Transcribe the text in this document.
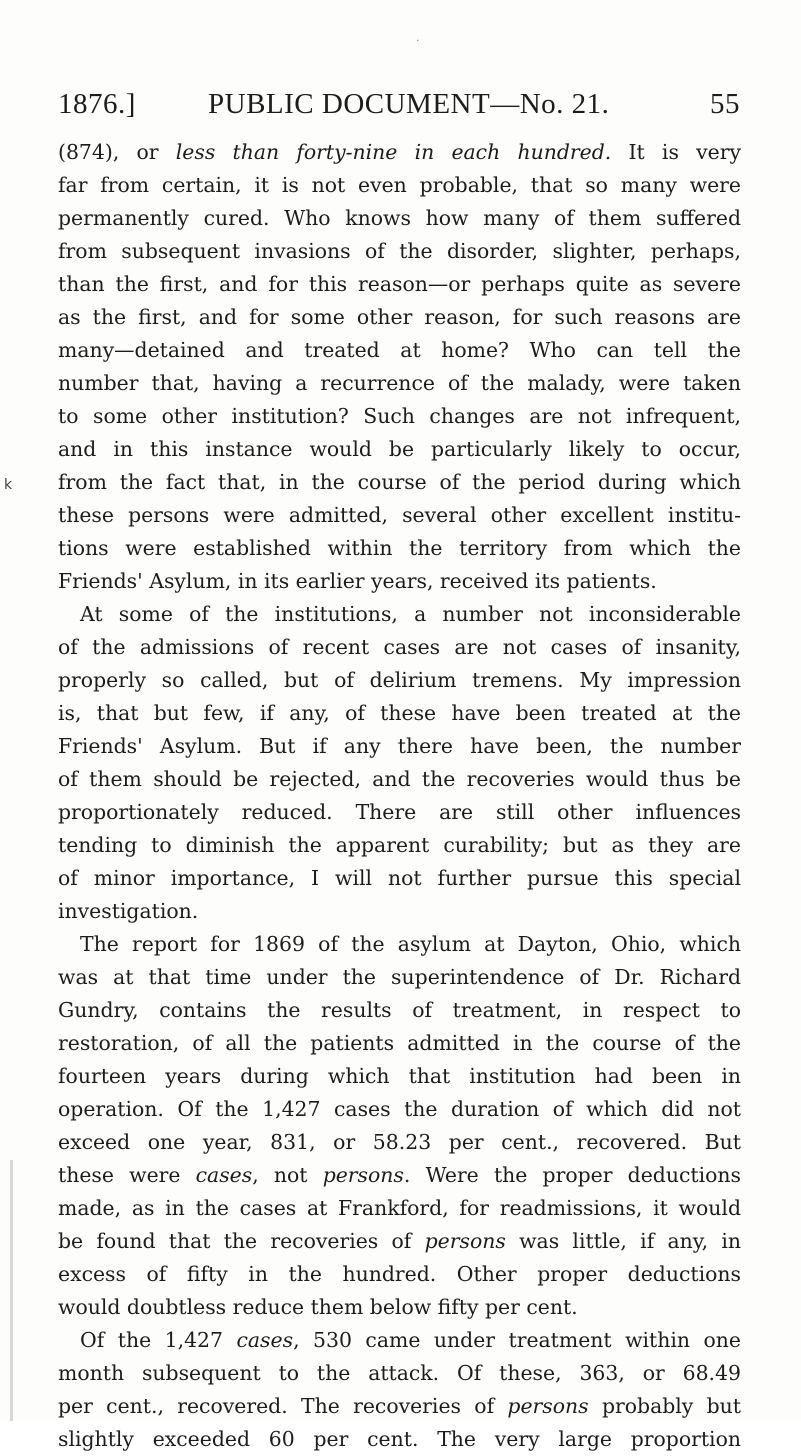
·
k
1876.] PUBLIC DOCUMENT—No. 21.	55
(874), or less than forty-nine in each hundred. It is very
far from certain, it is not even probable, that so many were
permanently cured. Who knows how many of them suffered
from subsequent invasions of the disorder, slighter, perhaps,
than the first, and for this reason—or perhaps quite as severe
as the first, and for some other reason, for such reasons are
many—detained and treated at home? Who can tell the
number that, having a recurrence of the malady, were taken
to some other institution? Such changes are not infrequent,
and in this instance would be particularly likely to occur,
from the fact that, in the course of the period during which
these persons were admitted, several other excellent institu-
tions were established within the territory from which the
Friends' Asylum, in its earlier years, received its patients.
At some of the institutions, a number not inconsiderable
of the admissions of recent cases are not cases of insanity,
properly so called, but of delirium tremens. My impression
is, that but few, if any, of these have been treated at the
Friends' Asylum. But if any there have been, the number
of them should be rejected, and the recoveries would thus be
proportionately reduced. There are still other influences
tending to diminish the apparent curability; but as they are
of minor importance, I will not further pursue this special
investigation.
The report for 1869 of the asylum at Dayton, Ohio, which
was at that time under the superintendence of Dr. Richard
Gundry, contains the results of treatment, in respect to
restoration, of all the patients admitted in the course of the
fourteen years during which that institution had been in
operation. Of the 1,427 cases the duration of which did not
exceed one year, 831, or 58.23 per cent., recovered. But
these were cases, not persons. Were the proper deductions
made, as in the cases at Frankford, for readmissions, it would
be found that the recoveries of persons was little, if any, in
excess of fifty in the hundred. Other proper deductions
would doubtless reduce them below fifty per cent.
Of the 1,427 cases, 530 came under treatment within one
month subsequent to the attack. Of these, 363, or 68.49
per cent., recovered. The recoveries of persons probably but
slightly exceeded 60 per cent. The very large proportion
